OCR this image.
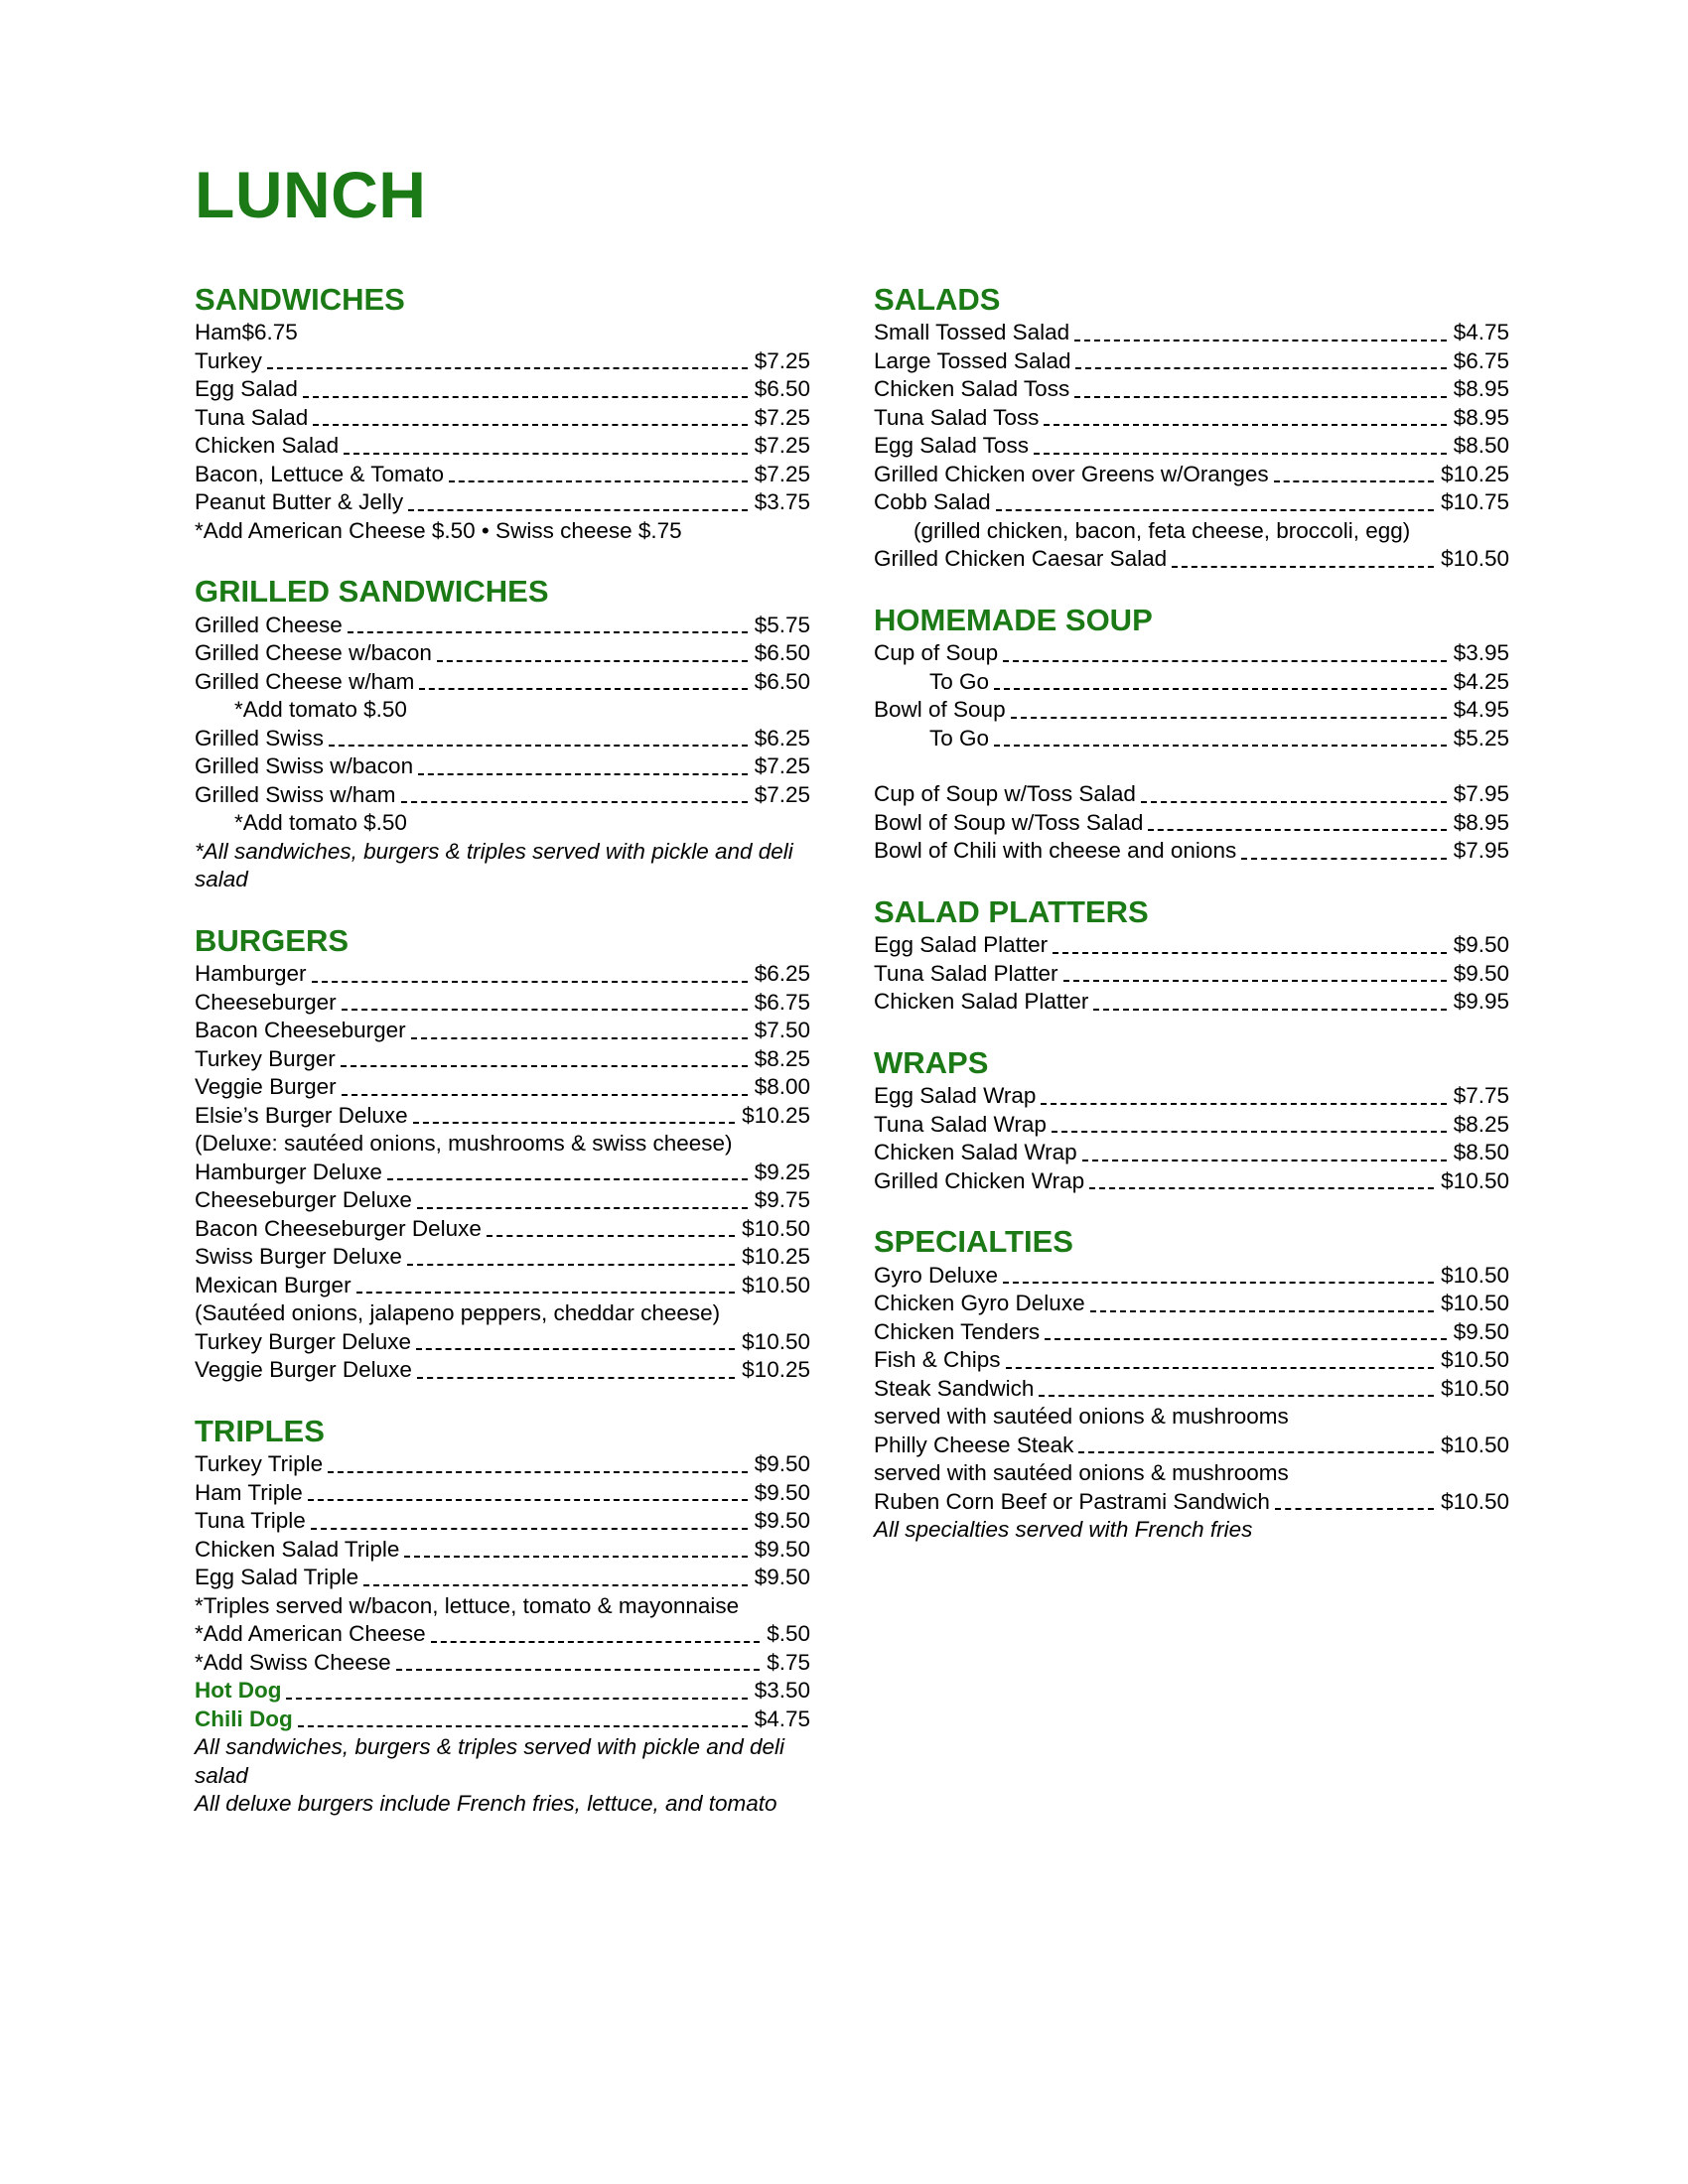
LUNCH
SANDWICHES
Ham$6.75
Turkey	$7.25
Egg Salad	$6.50
Tuna Salad	$7.25
Chicken Salad	$7.25
Bacon, Lettuce & Tomato	$7.25
Peanut Butter & Jelly	$3.75
*Add American Cheese $.50 • Swiss cheese $.75
GRILLED SANDWICHES
Grilled Cheese	$5.75
Grilled Cheese w/bacon	$6.50
Grilled Cheese w/ham	$6.50
*Add tomato $.50
Grilled Swiss	$6.25
Grilled Swiss w/bacon	$7.25
Grilled Swiss w/ham	$7.25
*Add tomato $.50
*All sandwiches, burgers & triples served with pickle and deli salad
BURGERS
Hamburger	$6.25
Cheeseburger	$6.75
Bacon Cheeseburger	$7.50
Turkey Burger	$8.25
Veggie Burger	$8.00
Elsie’s Burger Deluxe	$10.25
(Deluxe: sautéed onions, mushrooms & swiss cheese)
Hamburger Deluxe	$9.25
Cheeseburger Deluxe	$9.75
Bacon Cheeseburger Deluxe	$10.50
Swiss Burger Deluxe	$10.25
Mexican Burger	$10.50
(Sautéed onions, jalapeno peppers, cheddar cheese)
Turkey Burger Deluxe	$10.50
Veggie Burger Deluxe	$10.25
TRIPLES
Turkey Triple	$9.50
Ham Triple	$9.50
Tuna Triple	$9.50
Chicken Salad Triple	$9.50
Egg Salad Triple	$9.50
*Triples served w/bacon, lettuce, tomato & mayonnaise
*Add American Cheese	$.50
*Add Swiss Cheese	$.75
Hot Dog	$3.50
Chili Dog	$4.75
All sandwiches, burgers & triples served with pickle and deli salad
All deluxe burgers include French fries, lettuce, and tomato
SALADS
Small Tossed Salad	$4.75
Large Tossed Salad	$6.75
Chicken Salad Toss	$8.95
Tuna Salad Toss	$8.95
Egg Salad Toss	$8.50
Grilled Chicken over Greens w/Oranges	$10.25
Cobb Salad	$10.75
(grilled chicken, bacon, feta cheese, broccoli, egg)
Grilled Chicken Caesar Salad	$10.50
HOMEMADE SOUP
Cup of Soup	$3.95
To Go	$4.25
Bowl of Soup	$4.95
To Go	$5.25
Cup of Soup w/Toss Salad	$7.95
Bowl of Soup w/Toss Salad	$8.95
Bowl of Chili with cheese and onions	$7.95
SALAD PLATTERS
Egg Salad Platter	$9.50
Tuna Salad Platter	$9.50
Chicken Salad Platter	$9.95
WRAPS
Egg Salad Wrap	$7.75
Tuna Salad Wrap	$8.25
Chicken Salad Wrap	$8.50
Grilled Chicken Wrap	$10.50
SPECIALTIES
Gyro Deluxe	$10.50
Chicken Gyro Deluxe	$10.50
Chicken Tenders	$9.50
Fish & Chips	$10.50
Steak Sandwich	$10.50
served with sautéed onions & mushrooms
Philly Cheese Steak	$10.50
served with sautéed onions & mushrooms
Ruben Corn Beef or Pastrami Sandwich	$10.50
All specialties served with French fries
